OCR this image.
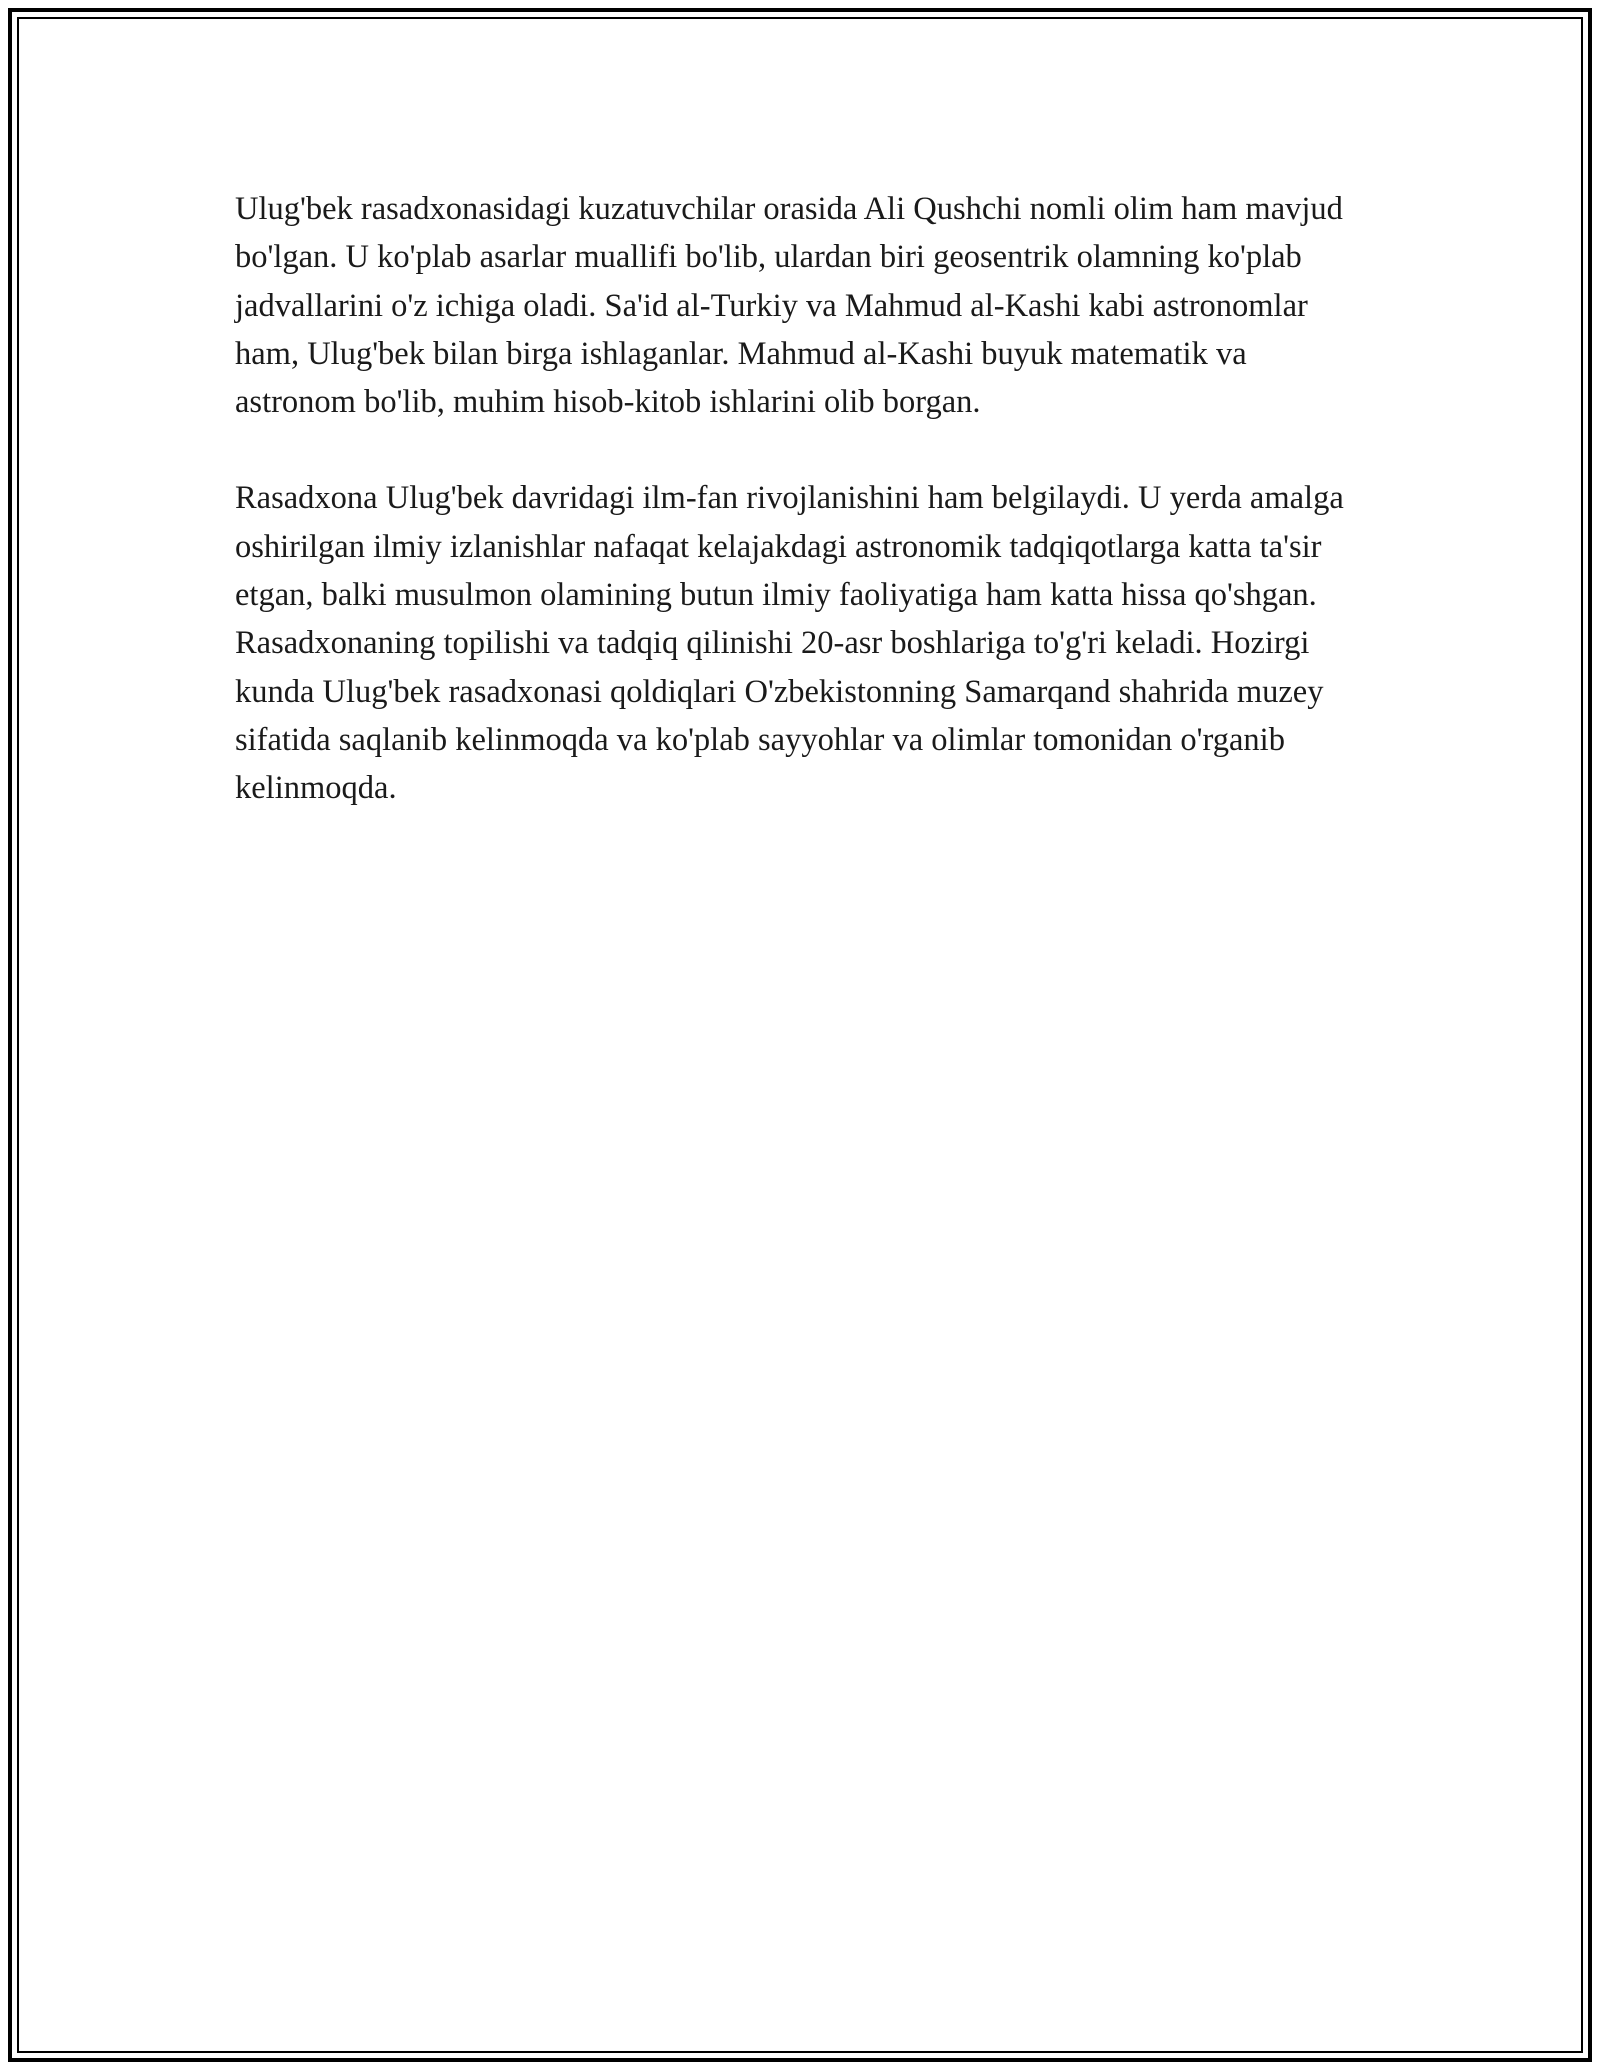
Ulug'bek rasadxonasidagi kuzatuvchilar orasida Ali Qushchi nomli olim ham mavjud bo'lgan. U ko'plab asarlar muallifi bo'lib, ulardan biri geosentrik olamning ko'plab jadvallarini o'z ichiga oladi. Sa'id al-Turkiy va Mahmud al-Kashi kabi astronomlar ham, Ulug'bek bilan birga ishlaganlar. Mahmud al-Kashi buyuk matematik va astronom bo'lib, muhim hisob-kitob ishlarini olib borgan.

Rasadxona Ulug'bek davridagi ilm-fan rivojlanishini ham belgilaydi. U yerda amalga oshirilgan ilmiy izlanishlar nafaqat kelajakdagi astronomik tadqiqotlarga katta ta'sir etgan, balki musulmon olamining butun ilmiy faoliyatiga ham katta hissa qo'shgan. Rasadxonaning topilishi va tadqiq qilinishi 20-asr boshlariga to'g'ri keladi. Hozirgi kunda Ulug'bek rasadxonasi qoldiqlari O'zbekistonning Samarqand shahrida muzey sifatida saqlanib kelinmoqda va ko'plab sayyohlar va olimlar tomonidan o'rganib kelinmoqda.
